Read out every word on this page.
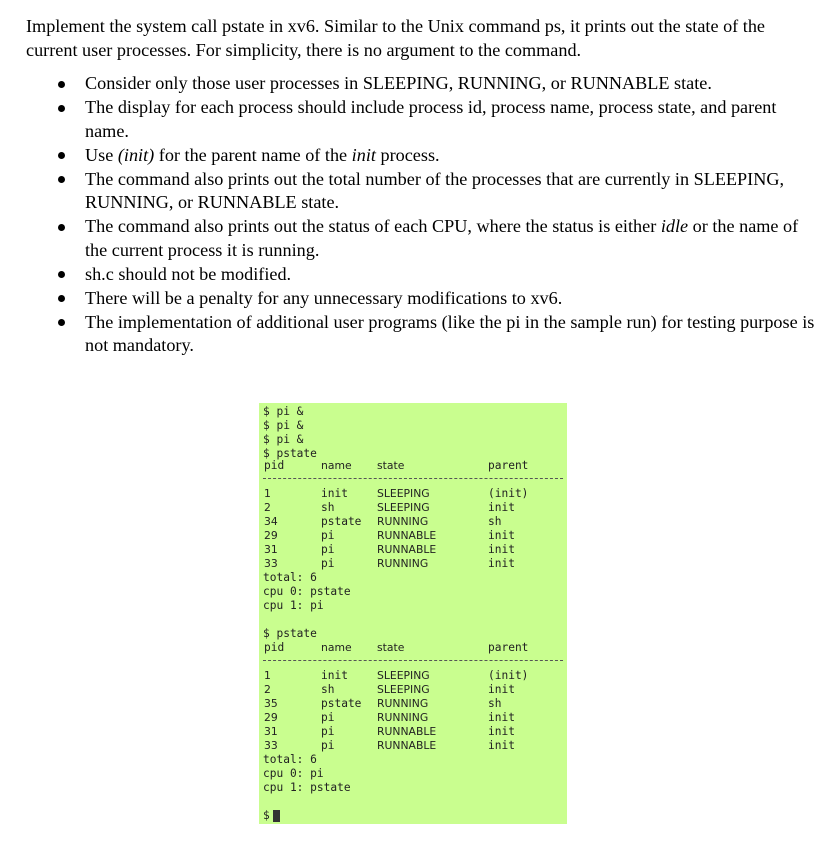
Implement the system call pstate in xv6. Similar to the Unix command ps, it prints out the state of the current user processes. For simplicity, there is no argument to the command.

Consider only those user processes in SLEEPING, RUNNING, or RUNNABLE state.
The display for each process should include process id, process name, process state, and parent name.
Use (init) for the parent name of the init process.
The command also prints out the total number of the processes that are currently in SLEEPING, RUNNING, or RUNNABLE state.
The command also prints out the status of each CPU, where the status is either idle or the name of the current process it is running.
sh.c should not be modified.
There will be a penalty for any unnecessary modifications to xv6.
The implementation of additional user programs (like the pi in the sample run) for testing purpose is not mandatory.
$ pi &
$ pi &
$ pi &
$ pstate
pid	name state	parent
1	init	SLEEPING	(init)
2	sh	SLEEPING	init
34	pstate RUNNING	sh
29	pi	RUNNABLE	init
31	pi	RUNNABLE	init
33	pi	RUNNING	init
total: 6
cpu 0: pstate
cpu 1: pi
$ pstate
pid	name state	parent
1	init	SLEEPING	(init)
2	sh	SLEEPING	init
35	pstate RUNNING	sh
29	pi	RUNNING	init
31	pi	RUNNABLE	init
33	pi	RUNNABLE	init
total: 6
cpu 0: pi
cpu 1: pstate
$
